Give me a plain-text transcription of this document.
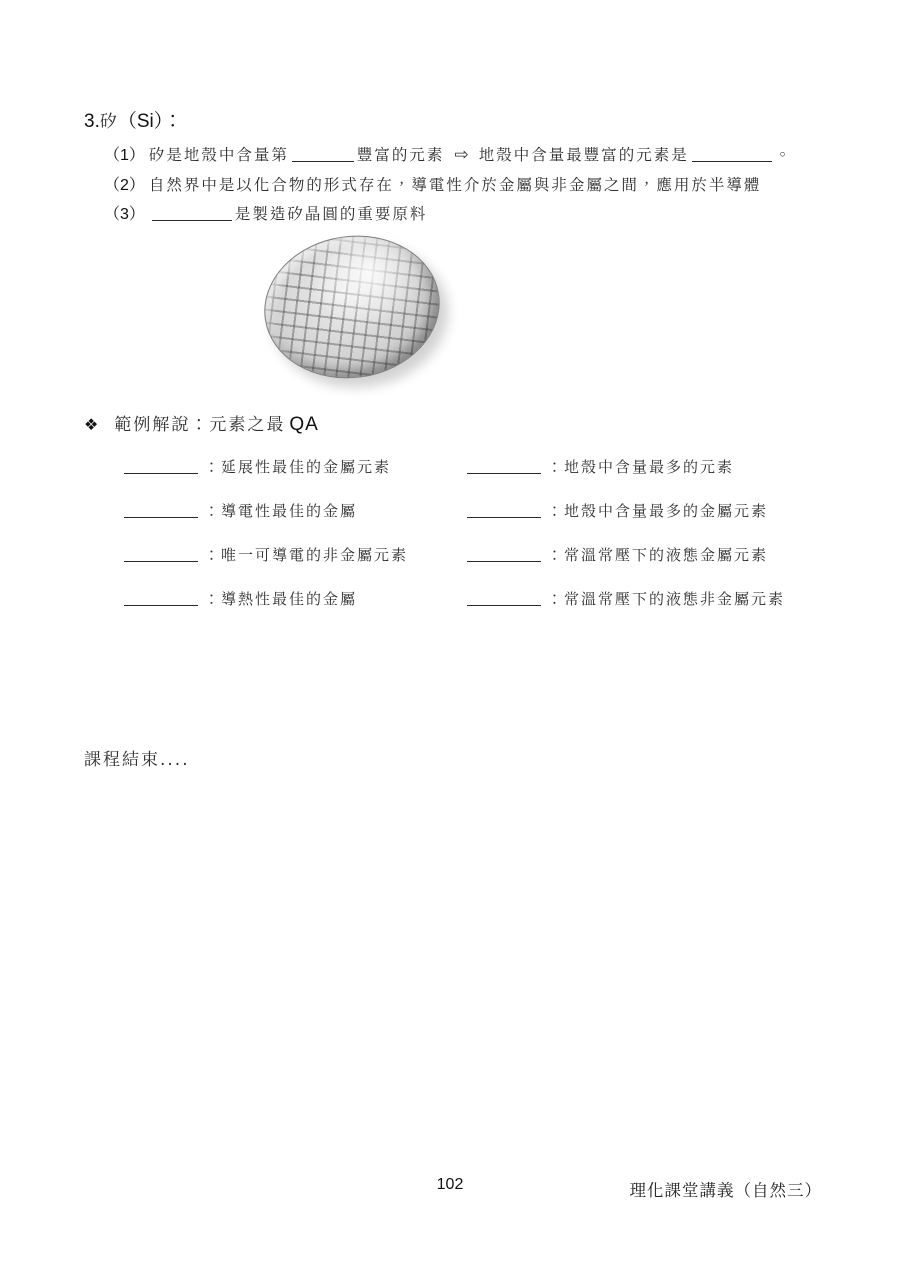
3.矽（Si）：
（1） 矽是地殼中含量第	豐富的元素 ⇨ 地殼中含量最豐富的元素是	。
（2） 自然界中是以化合物的形式存在，導電性介於金屬與非金屬之間，應用於半導體
（3）	是製造矽晶圓的重要原料
❖ 範例解說：元素之最 QA
：延展性最佳的金屬元素	：地殼中含量最多的元素
：導電性最佳的金屬	：地殼中含量最多的金屬元素
：唯一可導電的非金屬元素	：常溫常壓下的液態金屬元素
：導熱性最佳的金屬	：常溫常壓下的液態非金屬元素
課程結束....
102	理化課堂講義（自然三）
